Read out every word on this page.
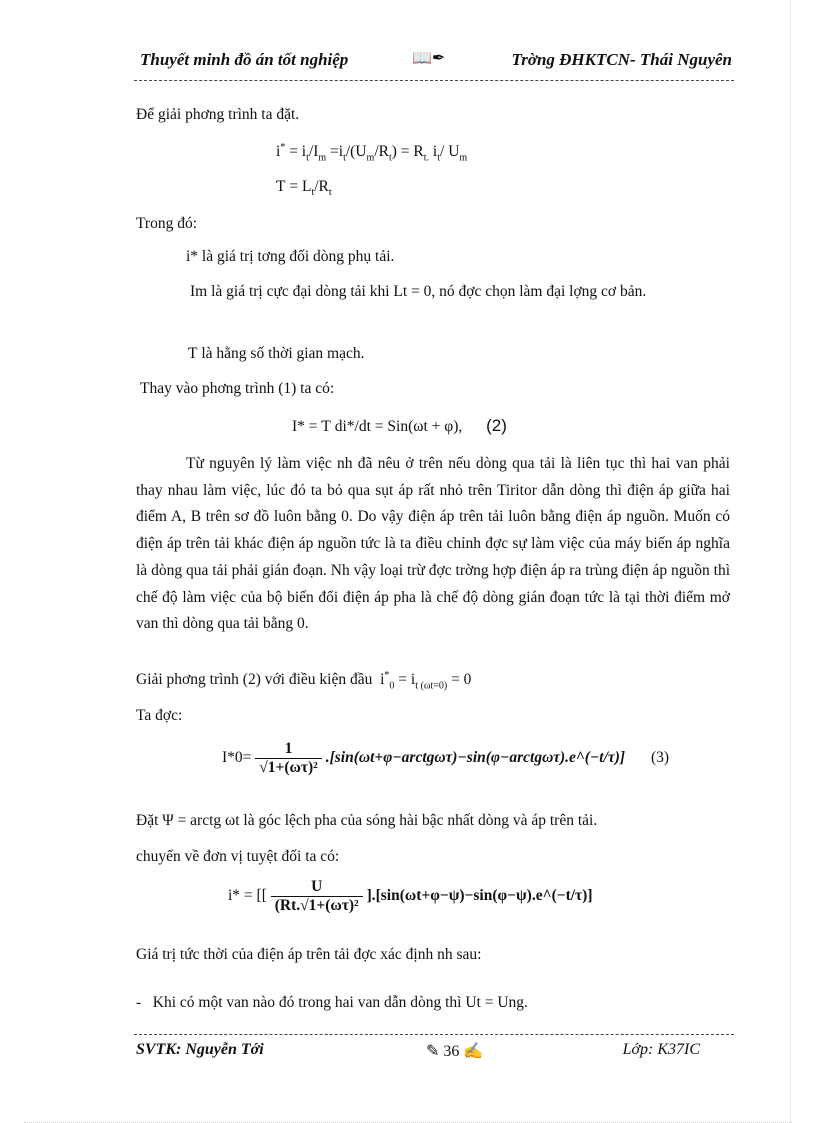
Thuyết minh đồ án tốt nghiệp	📖✒	Trờng ĐHKTCN- Thái Nguyên
Để giải phơng trình ta đặt.
$i^* = i_t/I_m =i_t/(U_m/R_t) = R_{t.}$ $i_t/$ $U_m$
Ƭ = $L_t/R_t$
Trong đó:
i* là giá trị tơng đối dòng phụ tải.
Im là giá trị cực đại dòng tải khi Lt = 0, nó đợc chọn làm đại lợng cơ bản.
Ƭ là hằng số thời gian mạch.
Thay vào phơng trình (1) ta có:
I* = Ƭ di*/dt = Sin(ωt + φ), (2)
Từ nguyên lý làm việc nh đã nêu ở trên nếu dòng qua tải là liên tục thì hai van phải thay nhau làm việc, lúc đó ta bỏ qua sụt áp rất nhỏ trên Tiritor dẫn dòng thì điện áp giữa hai điểm A, B trên sơ đồ luôn bằng 0. Do vậy điện áp trên tải luôn bằng điện áp nguồn. Muốn có điện áp trên tải khác điện áp nguồn tức là ta điều chỉnh đợc sự làm việc của máy biến áp nghĩa là dòng qua tải phải gián đoạn. Nh vậy loại trừ đợc trờng hợp điện áp ra trùng điện áp nguồn thì chế độ làm việc của bộ biến đổi điện áp pha là chế độ dòng gián đoạn tức là tại thời điểm mở van thì dòng qua tải bằng 0.
Giải phơng trình (2) với điều kiện đầu  $i^*_0 = i_{t (\omega t=0)} = 0$
Ta đợc:
$I*0= \frac{1}{\text{√1+(ωτ)²}}$ .[sin(ωt+φ−arctgωτ)−sin(φ−arctgωτ).e^(−t/τ)] (3)
Đặt Ψ = arctg ωt là góc lệch pha của sóng hài bậc nhất dòng và áp trên tải.
chuyển về đơn vị tuyệt đối ta có:
i* = [[ $\frac{U}{\text{(Rt.√1+(ωτ)²}}$ ].[sin(ωt+φ−ψ)−sin(φ−ψ).e^(−t/τ)]
Giá trị tức thời của điện áp trên tải đợc xác định nh sau:
- Khi có một van nào đó trong hai van dẫn dòng thì Ut = Ung.
SVTK: Nguyễn Tới	✎ 36 ✍	Lớp: K37IC
